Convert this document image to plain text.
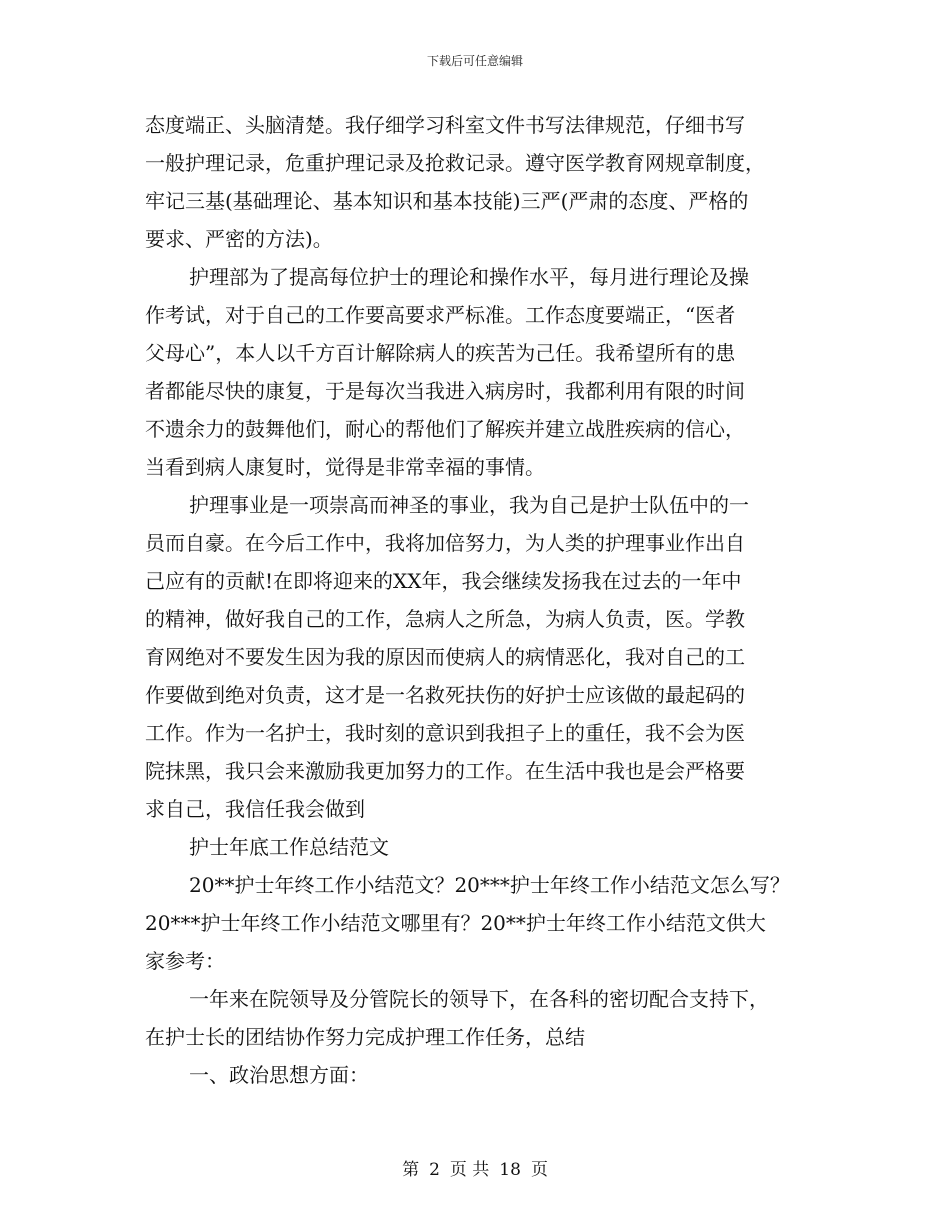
下载后可任意编辑
态度端正、头脑清楚。我仔细学习科室文件书写法律规范，仔细书写
一般护理记录，危重护理记录及抢救记录。遵守医学教育网规章制度，
牢记三基(基础理论、基本知识和基本技能)三严(严肃的态度、严格的
要求、严密的方法)。
护理部为了提高每位护士的理论和操作水平，每月进行理论及操
作考试，对于自己的工作要高要求严标准。工作态度要端正，“医者
父母心”，本人以千方百计解除病人的疾苦为己任。我希望所有的患
者都能尽快的康复，于是每次当我进入病房时，我都利用有限的时间
不遗余力的鼓舞他们，耐心的帮他们了解疾并建立战胜疾病的信心，
当看到病人康复时，觉得是非常幸福的事情。
护理事业是一项崇高而神圣的事业，我为自己是护士队伍中的一
员而自豪。在今后工作中，我将加倍努力，为人类的护理事业作出自
己应有的贡献!在即将迎来的XX年，我会继续发扬我在过去的一年中
的精神，做好我自己的工作，急病人之所急，为病人负责，医。学教
育网绝对不要发生因为我的原因而使病人的病情恶化，我对自己的工
作要做到绝对负责，这才是一名救死扶伤的好护士应该做的最起码的
工作。作为一名护士，我时刻的意识到我担子上的重任，我不会为医
院抹黑，我只会来激励我更加努力的工作。在生活中我也是会严格要
求自己，我信任我会做到
护士年底工作总结范文
20**护士年终工作小结范文？20***护士年终工作小结范文怎么写？
20***护士年终工作小结范文哪里有？20**护士年终工作小结范文供大
家参考：
一年来在院领导及分管院长的领导下，在各科的密切配合支持下，
在护士长的团结协作努力完成护理工作任务，总结
一、政治思想方面：
第 2 页 共 18 页
